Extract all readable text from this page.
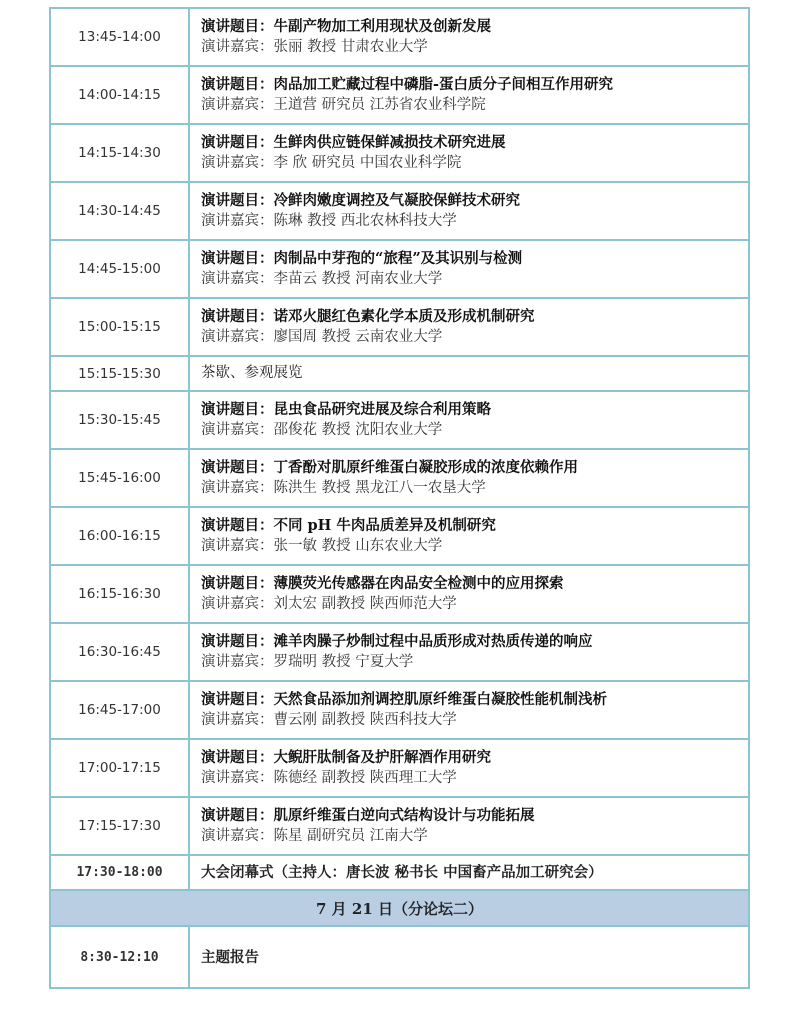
13:45-14:00	演讲题目：牛副产物加工利用现状及创新发展
演讲嘉宾：张丽 教授 甘肃农业大学

14:00-14:15	演讲题目：肉品加工贮藏过程中磷脂-蛋白质分子间相互作用研究
演讲嘉宾：王道营 研究员 江苏省农业科学院

14:15-14:30	演讲题目：生鲜肉供应链保鲜减损技术研究进展
演讲嘉宾：李 欣 研究员 中国农业科学院

14:30-14:45	演讲题目：冷鲜肉嫩度调控及气凝胶保鲜技术研究
演讲嘉宾：陈琳 教授 西北农林科技大学

14:45-15:00	演讲题目：肉制品中芽孢的“旅程”及其识别与检测
演讲嘉宾：李苗云 教授 河南农业大学

15:00-15:15	演讲题目：诺邓火腿红色素化学本质及形成机制研究
演讲嘉宾：廖国周 教授 云南农业大学

15:15-15:30	茶歇、参观展览
15:30-15:45	演讲题目：昆虫食品研究进展及综合利用策略
演讲嘉宾：邵俊花 教授 沈阳农业大学

15:45-16:00	演讲题目：丁香酚对肌原纤维蛋白凝胶形成的浓度依赖作用
演讲嘉宾：陈洪生 教授 黑龙江八一农垦大学

16:00-16:15	演讲题目：不同 pH 牛肉品质差异及机制研究
演讲嘉宾：张一敏 教授 山东农业大学

16:15-16:30	演讲题目：薄膜荧光传感器在肉品安全检测中的应用探索
演讲嘉宾：刘太宏 副教授 陕西师范大学

16:30-16:45	演讲题目：滩羊肉臊子炒制过程中品质形成对热质传递的响应
演讲嘉宾：罗瑞明 教授 宁夏大学

16:45-17:00	演讲题目：天然食品添加剂调控肌原纤维蛋白凝胶性能机制浅析
演讲嘉宾：曹云刚 副教授 陕西科技大学

17:00-17:15	演讲题目：大鲵肝肽制备及护肝解酒作用研究
演讲嘉宾：陈德经 副教授 陕西理工大学

17:15-17:30	演讲题目：肌原纤维蛋白逆向式结构设计与功能拓展
演讲嘉宾：陈星 副研究员 江南大学

17:30-18:00	大会闭幕式（主持人：唐长波 秘书长 中国畜产品加工研究会）
7 月 21 日（分论坛二）	
8:30-12:10	主题报告
